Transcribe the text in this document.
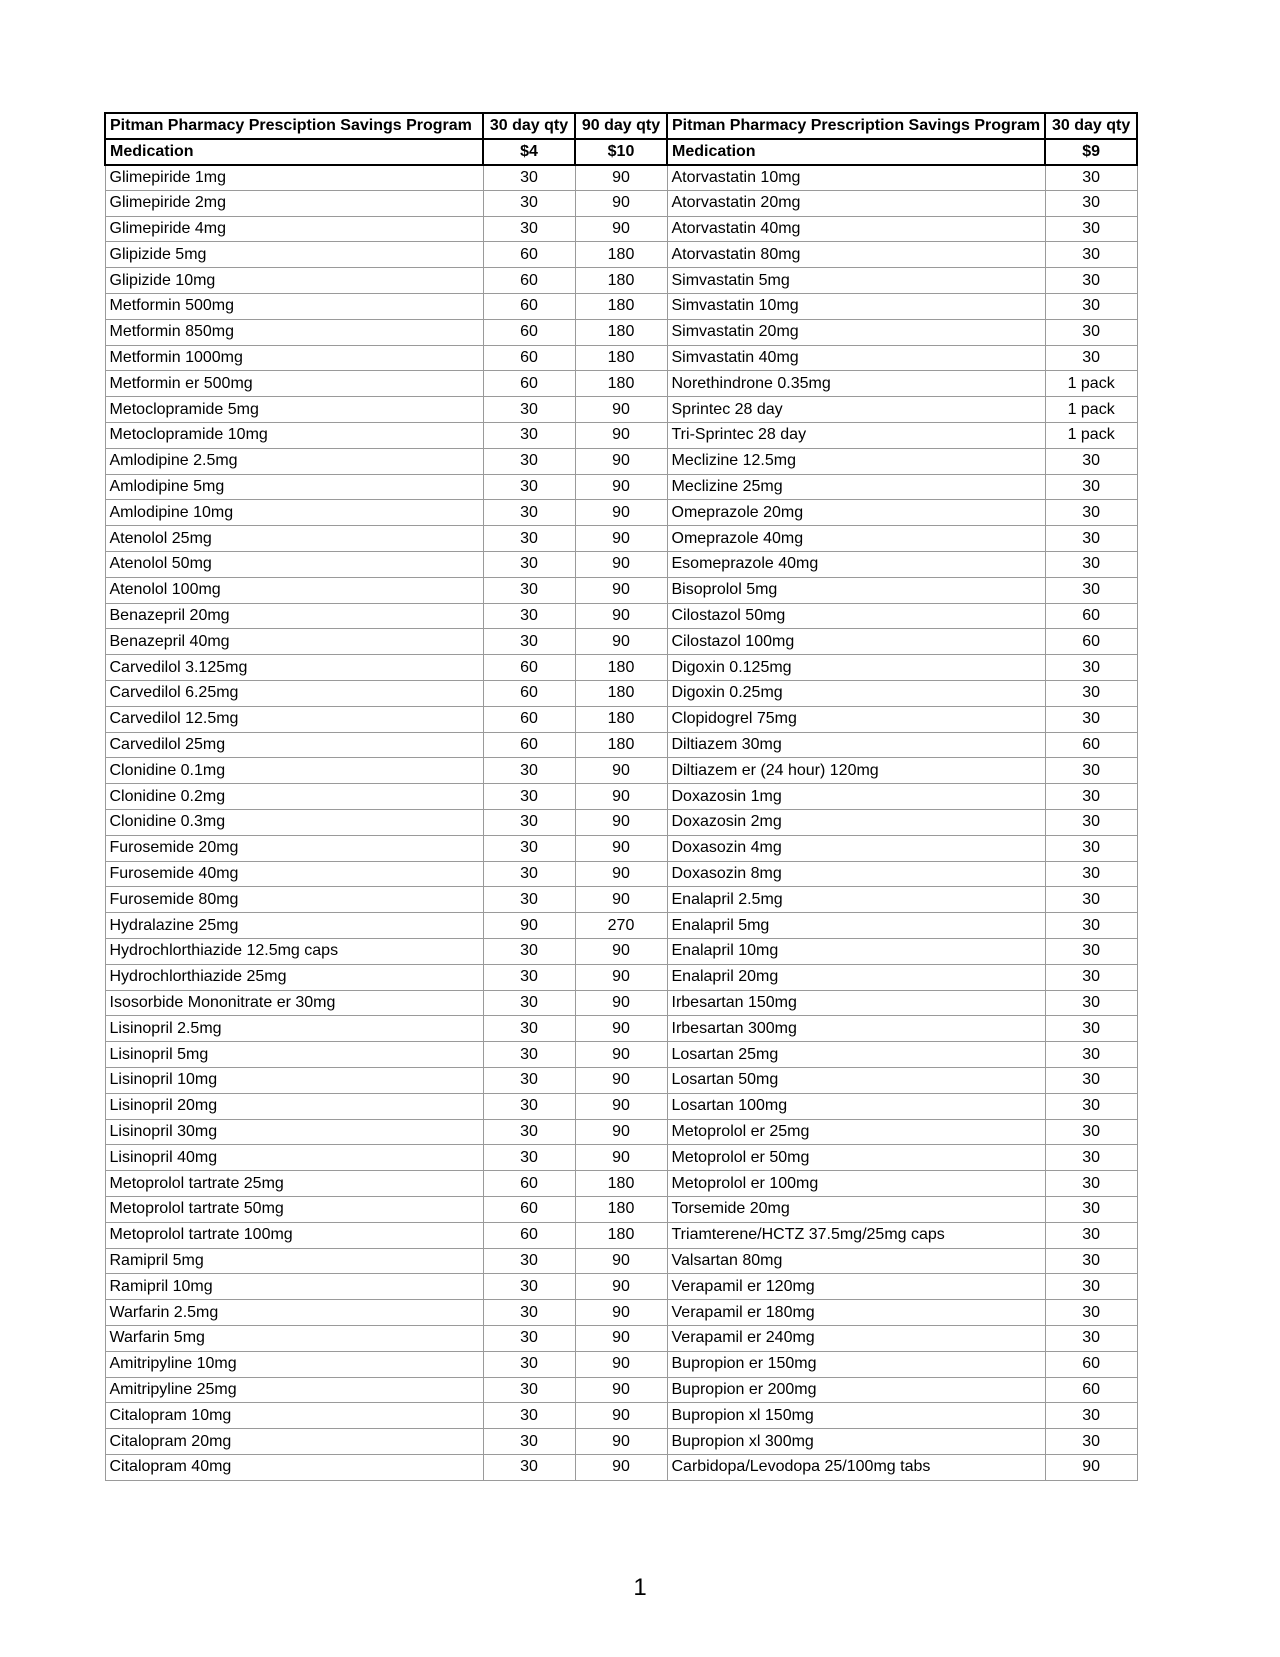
Pitman Pharmacy Presciption Savings Program	30 day qty	90 day qty	Pitman Pharmacy Prescription Savings Program	30 day qty
Medication	$4	$10	Medication	$9
Glimepiride 1mg	30	90	Atorvastatin 10mg	30
Glimepiride 2mg	30	90	Atorvastatin 20mg	30
Glimepiride 4mg	30	90	Atorvastatin 40mg	30
Glipizide 5mg	60	180	Atorvastatin 80mg	30
Glipizide 10mg	60	180	Simvastatin 5mg	30
Metformin 500mg	60	180	Simvastatin 10mg	30
Metformin 850mg	60	180	Simvastatin 20mg	30
Metformin 1000mg	60	180	Simvastatin 40mg	30
Metformin er 500mg	60	180	Norethindrone 0.35mg	1 pack
Metoclopramide 5mg	30	90	Sprintec 28 day	1 pack
Metoclopramide 10mg	30	90	Tri-Sprintec 28 day	1 pack
Amlodipine 2.5mg	30	90	Meclizine 12.5mg	30
Amlodipine 5mg	30	90	Meclizine 25mg	30
Amlodipine 10mg	30	90	Omeprazole 20mg	30
Atenolol 25mg	30	90	Omeprazole 40mg	30
Atenolol 50mg	30	90	Esomeprazole 40mg	30
Atenolol 100mg	30	90	Bisoprolol 5mg	30
Benazepril 20mg	30	90	Cilostazol 50mg	60
Benazepril 40mg	30	90	Cilostazol 100mg	60
Carvedilol 3.125mg	60	180	Digoxin 0.125mg	30
Carvedilol 6.25mg	60	180	Digoxin 0.25mg	30
Carvedilol 12.5mg	60	180	Clopidogrel 75mg	30
Carvedilol 25mg	60	180	Diltiazem 30mg	60
Clonidine 0.1mg	30	90	Diltiazem er (24 hour) 120mg	30
Clonidine 0.2mg	30	90	Doxazosin 1mg	30
Clonidine 0.3mg	30	90	Doxazosin 2mg	30
Furosemide 20mg	30	90	Doxasozin 4mg	30
Furosemide 40mg	30	90	Doxasozin 8mg	30
Furosemide 80mg	30	90	Enalapril 2.5mg	30
Hydralazine 25mg	90	270	Enalapril 5mg	30
Hydrochlorthiazide 12.5mg caps	30	90	Enalapril 10mg	30
Hydrochlorthiazide 25mg	30	90	Enalapril 20mg	30
Isosorbide Mononitrate er 30mg	30	90	Irbesartan 150mg	30
Lisinopril 2.5mg	30	90	Irbesartan 300mg	30
Lisinopril 5mg	30	90	Losartan 25mg	30
Lisinopril 10mg	30	90	Losartan 50mg	30
Lisinopril 20mg	30	90	Losartan 100mg	30
Lisinopril 30mg	30	90	Metoprolol er 25mg	30
Lisinopril 40mg	30	90	Metoprolol er 50mg	30
Metoprolol tartrate 25mg	60	180	Metoprolol er 100mg	30
Metoprolol tartrate 50mg	60	180	Torsemide 20mg	30
Metoprolol tartrate 100mg	60	180	Triamterene/HCTZ 37.5mg/25mg caps	30
Ramipril 5mg	30	90	Valsartan 80mg	30
Ramipril 10mg	30	90	Verapamil er 120mg	30
Warfarin 2.5mg	30	90	Verapamil er 180mg	30
Warfarin 5mg	30	90	Verapamil er 240mg	30
Amitripyline 10mg	30	90	Bupropion er 150mg	60
Amitripyline 25mg	30	90	Bupropion er 200mg	60
Citalopram 10mg	30	90	Bupropion xl 150mg	30
Citalopram 20mg	30	90	Bupropion xl 300mg	30
Citalopram 40mg	30	90	Carbidopa/Levodopa 25/100mg tabs	90
1
